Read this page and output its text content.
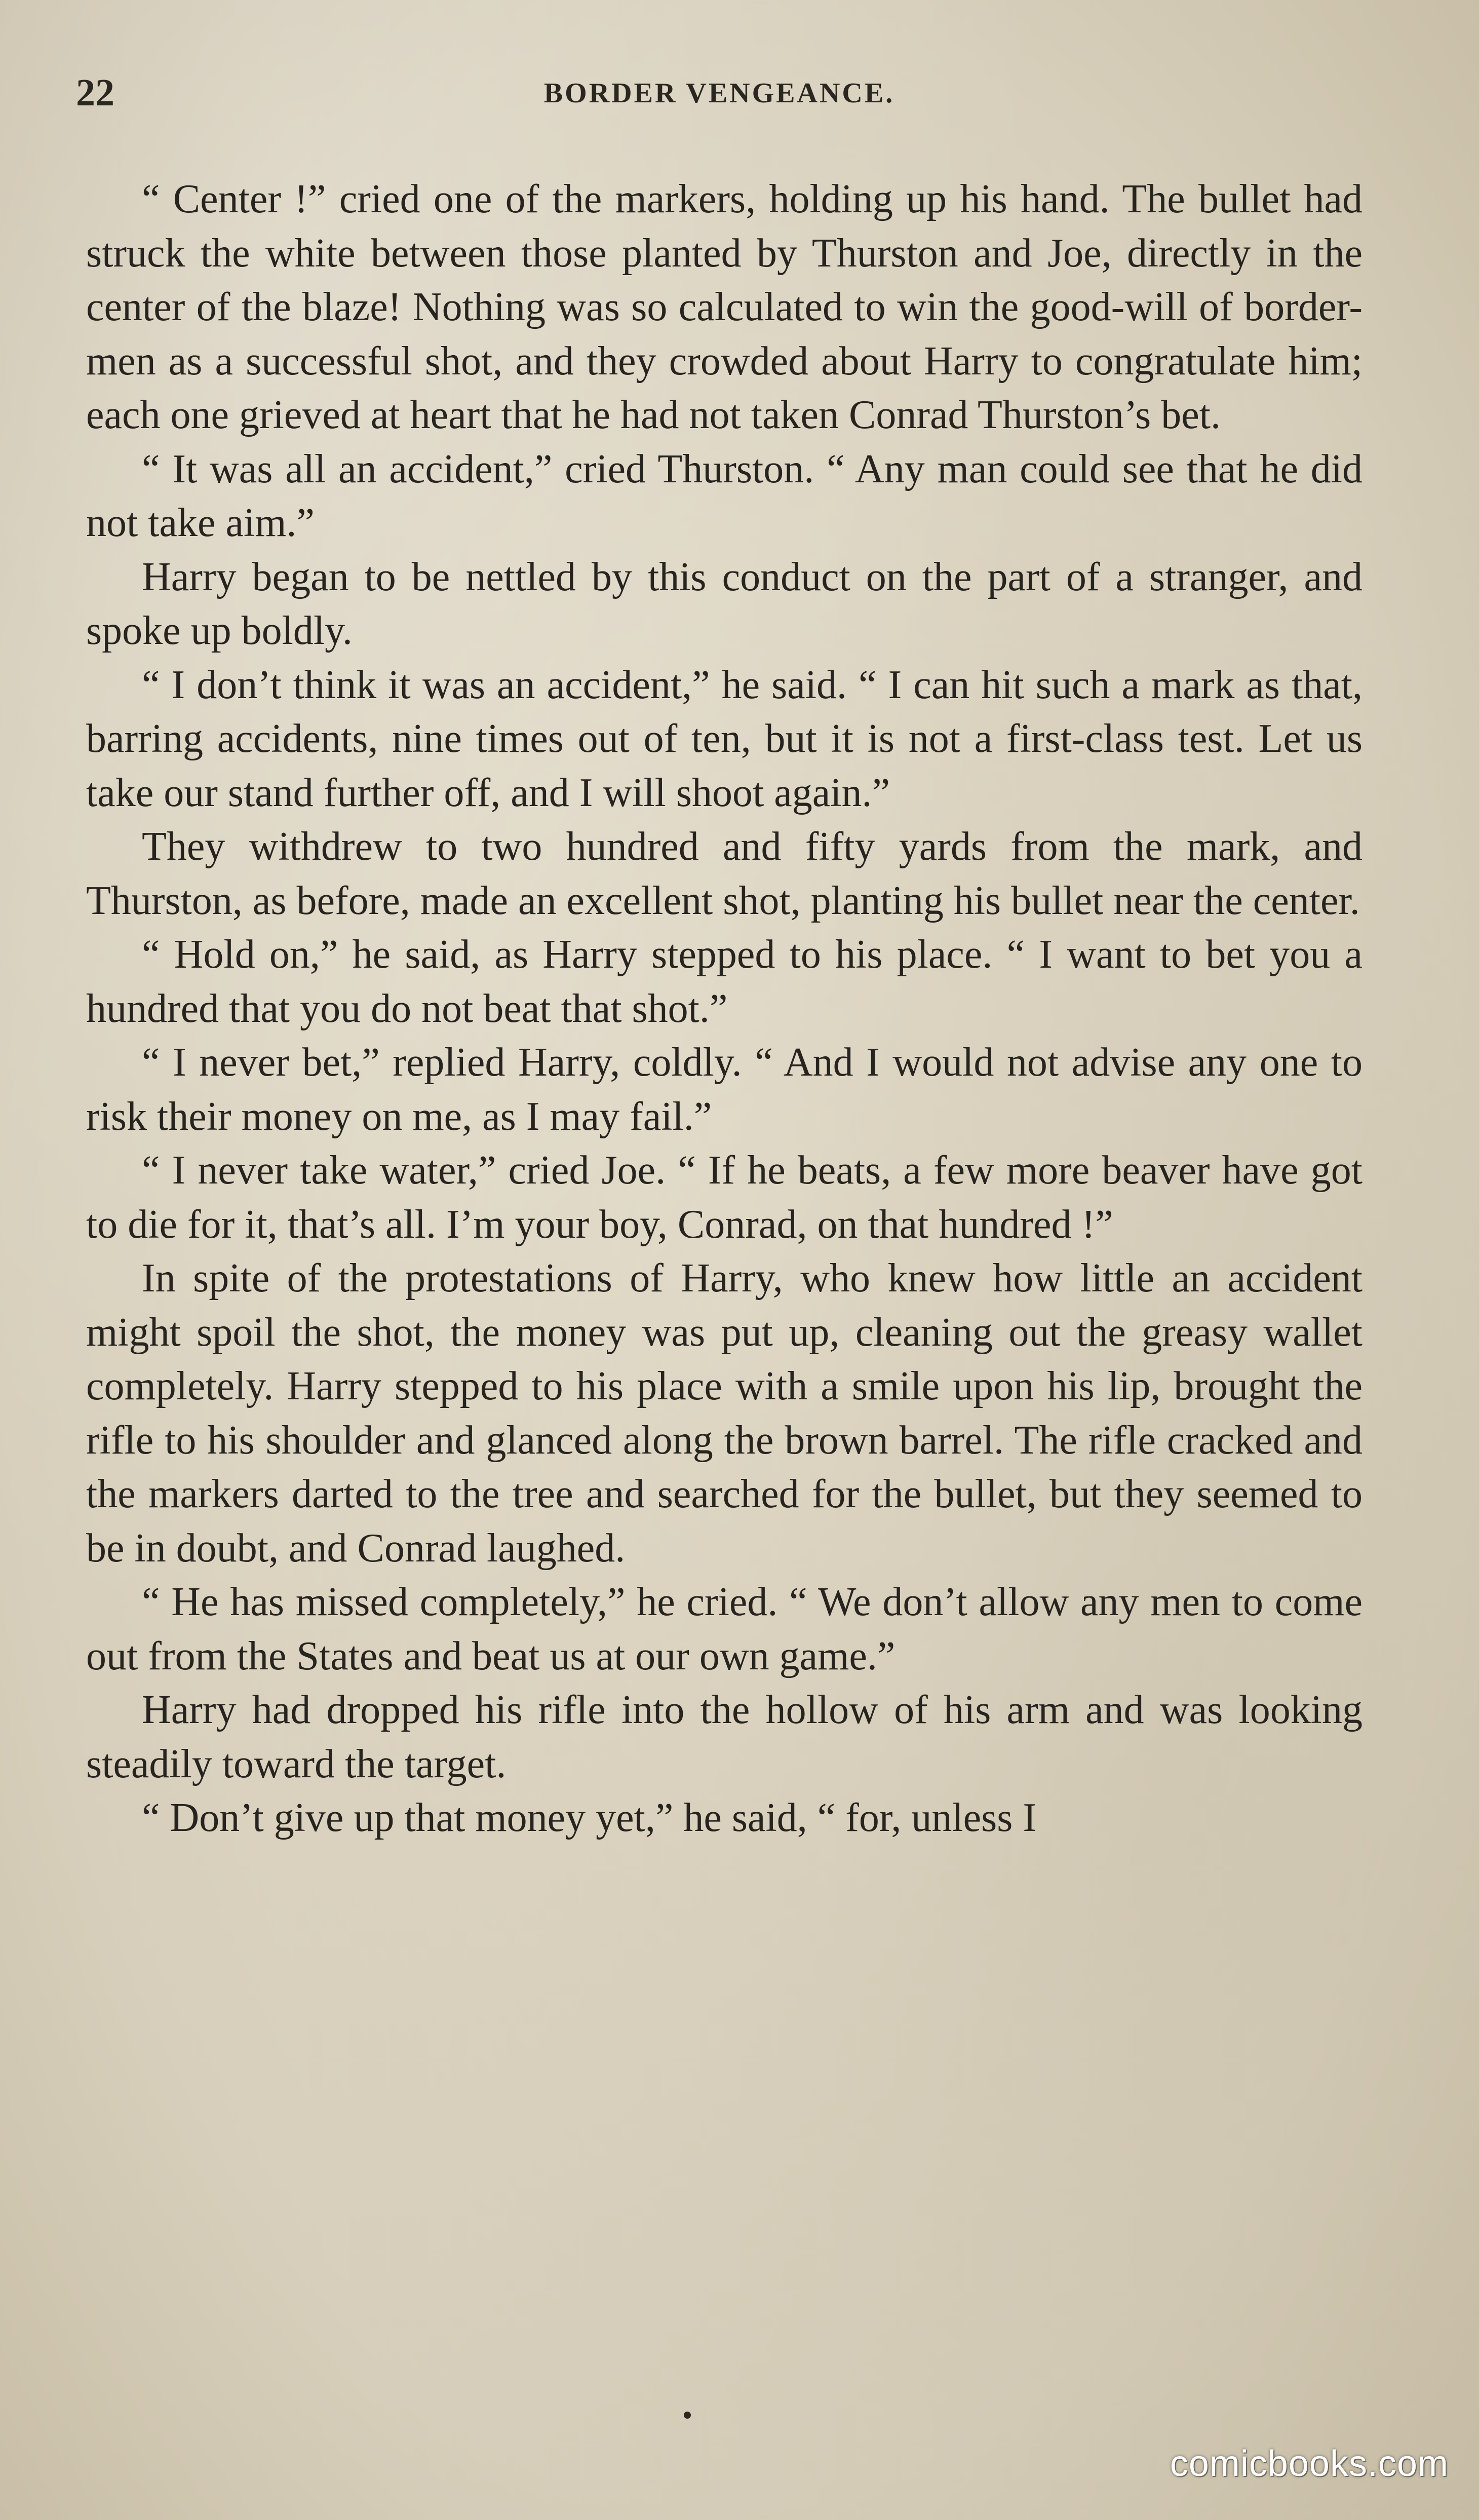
22	BORDER VENGEANCE.

“ Center !” cried one of the markers, holding up his hand. The bullet had struck the white between those planted by Thurston and Joe, directly in the center of the blaze! Nothing was so calculated to win the good-will of border-men as a successful shot, and they crowded about Harry to congratulate him; each one grieved at heart that he had not taken Conrad Thurston’s bet.

“ It was all an accident,” cried Thurston. “ Any man could see that he did not take aim.”

Harry began to be nettled by this conduct on the part of a stranger, and spoke up boldly.

“ I don’t think it was an accident,” he said. “ I can hit such a mark as that, barring accidents, nine times out of ten, but it is not a first-class test. Let us take our stand further off, and I will shoot again.”

They withdrew to two hundred and fifty yards from the mark, and Thurston, as before, made an excellent shot, planting his bullet near the center.

“ Hold on,” he said, as Harry stepped to his place. “ I want to bet you a hundred that you do not beat that shot.”

“ I never bet,” replied Harry, coldly. “ And I would not advise any one to risk their money on me, as I may fail.”

“ I never take water,” cried Joe. “ If he beats, a few more beaver have got to die for it, that’s all. I’m your boy, Conrad, on that hundred !”

In spite of the protestations of Harry, who knew how little an accident might spoil the shot, the money was put up, cleaning out the greasy wallet completely. Harry stepped to his place with a smile upon his lip, brought the rifle to his shoulder and glanced along the brown barrel. The rifle cracked and the markers darted to the tree and searched for the bullet, but they seemed to be in doubt, and Conrad laughed.

“ He has missed completely,” he cried. “ We don’t allow any men to come out from the States and beat us at our own game.”

Harry had dropped his rifle into the hollow of his arm and was looking steadily toward the target.

“ Don’t give up that money yet,” he said, “ for, unless I

comicbooks.com
